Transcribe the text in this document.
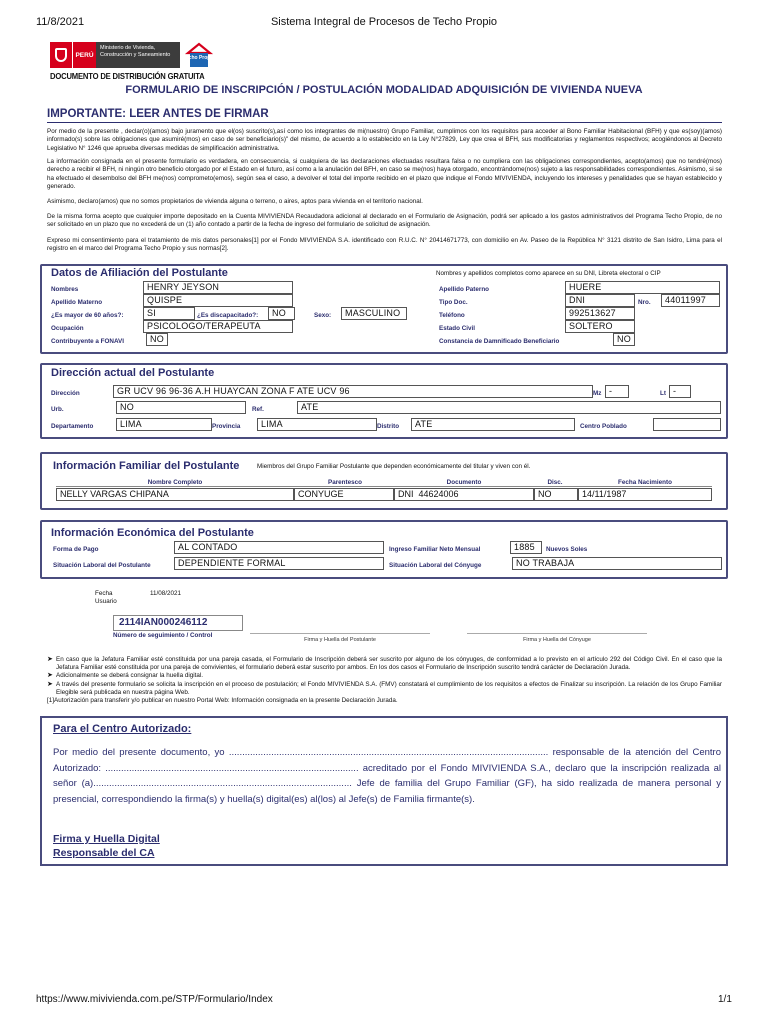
11/8/2021	Sistema Integral de Procesos de Techo Propio
PERÚ
Ministerio de Vivienda, Construcción y Saneamiento	Techo Propio
DOCUMENTO DE DISTRIBUCIÓN GRATUITA
FORMULARIO DE INSCRIPCIÓN / POSTULACIÓN MODALIDAD ADQUISICIÓN DE VIVIENDA NUEVA
IMPORTANTE: LEER ANTES DE FIRMAR
Por medio de la presente , declar(o)(amos) bajo juramento que el(os) suscrito(s),así como los integrantes de mi(nuestro) Grupo Familiar, cumplimos con los requisitos para acceder al Bono Familiar Habitacional (BFH) y que es(soy)(amos) informado(s) sobre las obligaciones que asumiré(mos) en caso de ser beneficiario(s)" del mismo, de acuerdo a lo establecido en la Ley N°27829, Ley que crea el BFH, sus modificatorias y reglamentos respectivos; acogiéndonos al Decreto Legislativo N° 1246 que aprueba diversas medidas de simplificación administrativa.
La información consignada en el presente formulario es verdadera, en consecuencia, si cualquiera de las declaraciones efectuadas resultara falsa o no cumpliera con las obligaciones correspondientes, acepto(amos) que no tendré(mos) derecho a recibir el BFH, ni ningún otro beneficio otorgado por el Estado en el futuro, así como a la anulación del BFH, en caso se me(nos) haya otorgado, encontrándome(nos) sujeto a las responsabilidades correspondientes. Asimismo, si se ha efectuado el desembolso del BFH me(nos) comprometo(emos), según sea el caso, a devolver el total del importe recibido en el plazo que indique el Fondo MIVIVIENDA, incluyendo los intereses y penalidades que se hayan establecido y generado.
Asimismo, declaro(amos) que no somos propietarios de vivienda alguna o terreno, o aires, aptos para vivienda en el territorio nacional.
De la misma forma acepto que cualquier importe depositado en la Cuenta MIVIVIENDA Recaudadora adicional al declarado en el Formulario de Asignación, podrá ser aplicado a los gastos administrativos del Programa Techo Propio, de no ser solicitado en un plazo que no excederá de un (1) año contado a partir de la fecha de ingreso del formulario de solicitud de asignación.
Expreso mi consentimiento para el tratamiento de mis datos personales[1] por el Fondo MIVIVIENDA S.A. identificado con R.U.C. N° 20414671773, con domicilio en Av. Paseo de la República N° 3121 distrito de San Isidro, Lima para el registro en el marco del Programa Techo Propio y sus normas[2].
Datos de Afiliación del Postulante	Nombres y apellidos completos como aparece en su DNI, Libreta electoral o CIP
Nombres	HENRY JEYSON	Apellido Paterno	HUERE
Apellido Materno	QUISPE	Tipo Doc.	DNI	Nro.	44011997
¿Es mayor de 60 años?:	SI	¿Es discapacitado?:	NO	Sexo:	MASCULINO	Teléfono	992513627
Ocupación	PSICOLOGO/TERAPEUTA	Estado Civil	SOLTERO
Contribuyente a FONAVI	NO	Constancia de Damnificado Beneficiario	NO
Dirección actual del Postulante
Dirección	GR UCV 96 96-36 A.H HUAYCAN ZONA F ATE UCV 96	Mz -	Lt -
Urb.	NO	Ref.	ATE
Departamento	LIMA	Provincia	LIMA	Distrito	ATE	Centro Poblado
Información Familiar del Postulante	Miembros del Grupo Familiar Postulante que dependen económicamente del titular y viven con él.
Nombre Completo	Parentesco	Documento	Disc.	Fecha Nacimiento
NELLY VARGAS CHIPANA	CONYUGE	DNI 44624006	NO	14/11/1987
Información Económica del Postulante
Forma de Pago	AL CONTADO	Ingreso Familiar Neto Mensual	1885	Nuevos Soles
Situación Laboral del Postulante	DEPENDIENTE FORMAL	Situación Laboral del Cónyuge	NO TRABAJA
Fecha	11/08/2021
Usuario
2114IAN000246112
Número de seguimiento / Control
Firma y Huella del Postulante	Firma y Huella del Cónyuge
➤ En caso que la Jefatura Familiar esté constituida por una pareja casada, el Formulario de Inscripción deberá ser suscrito por alguno de los cónyuges, de conformidad a lo previsto en el artículo 292 del Código Civil. En el caso que la Jefatura Familiar esté constituida por una pareja de convivientes, el formulario deberá estar suscrito por ambos. En los dos casos el Formulario de Inscripción suscrito tendrá carácter de Declaración Jurada.
➤ Adicionalmente se deberá consignar la huella digital.
➤ A través del presente formulario se solicita la inscripción en el proceso de postulación; el Fondo MIVIVIENDA S.A. (FMV) constatará el cumplimiento de los requisitos a efectos de Finalizar su inscripción. La relación de los Grupo Familiar Elegible será publicada en nuestra página Web.
[1]Autorización para transferir y/o publicar en nuestro Portal Web: Información consignada en la presente Declaración Jurada.
Para el Centro Autorizado:
Por medio del presente documento, yo ......................................................................................................................... responsable de la atención del Centro Autorizado: ................................................................................................ acreditado por el Fondo MIVIVIENDA S.A., declaro que la inscripción realizada al señor (a).................................................................................................. Jefe de familia del Grupo Familiar (GF), ha sido realizada de manera personal y presencial, correspondiendo la firma(s) y huella(s) digital(es) al(los) al Jefe(s) de Familia firmante(s).
Firma y Huella Digital
Responsable del CA
https://www.mivivienda.com.pe/STP/Formulario/Index	1/1
